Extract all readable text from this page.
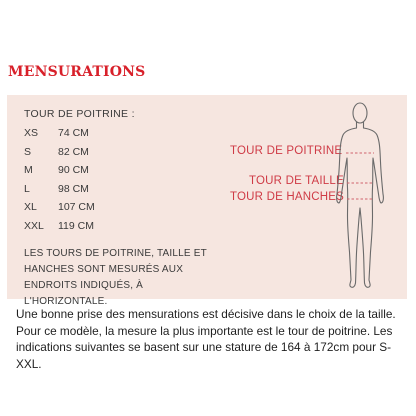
MENSURATIONS
TOUR DE POITRINE :
XS	74 CM
S	82 CM
M	90 CM
L	98 CM
XL	107 CM
XXL	119 CM
LES TOURS DE POITRINE, TAILLE ET HANCHES SONT MESURÉS AUX ENDROITS INDIQUÉS, À L'HORIZONTALE.
TOUR DE POITRINE
TOUR DE TAILLE
TOUR DE HANCHES
Une bonne prise des mensurations est décisive dans le choix de la taille. Pour ce modèle, la mesure la plus importante est le tour de poitrine. Les indications suivantes se basent sur une stature de 164 à 172cm pour S-XXL.
